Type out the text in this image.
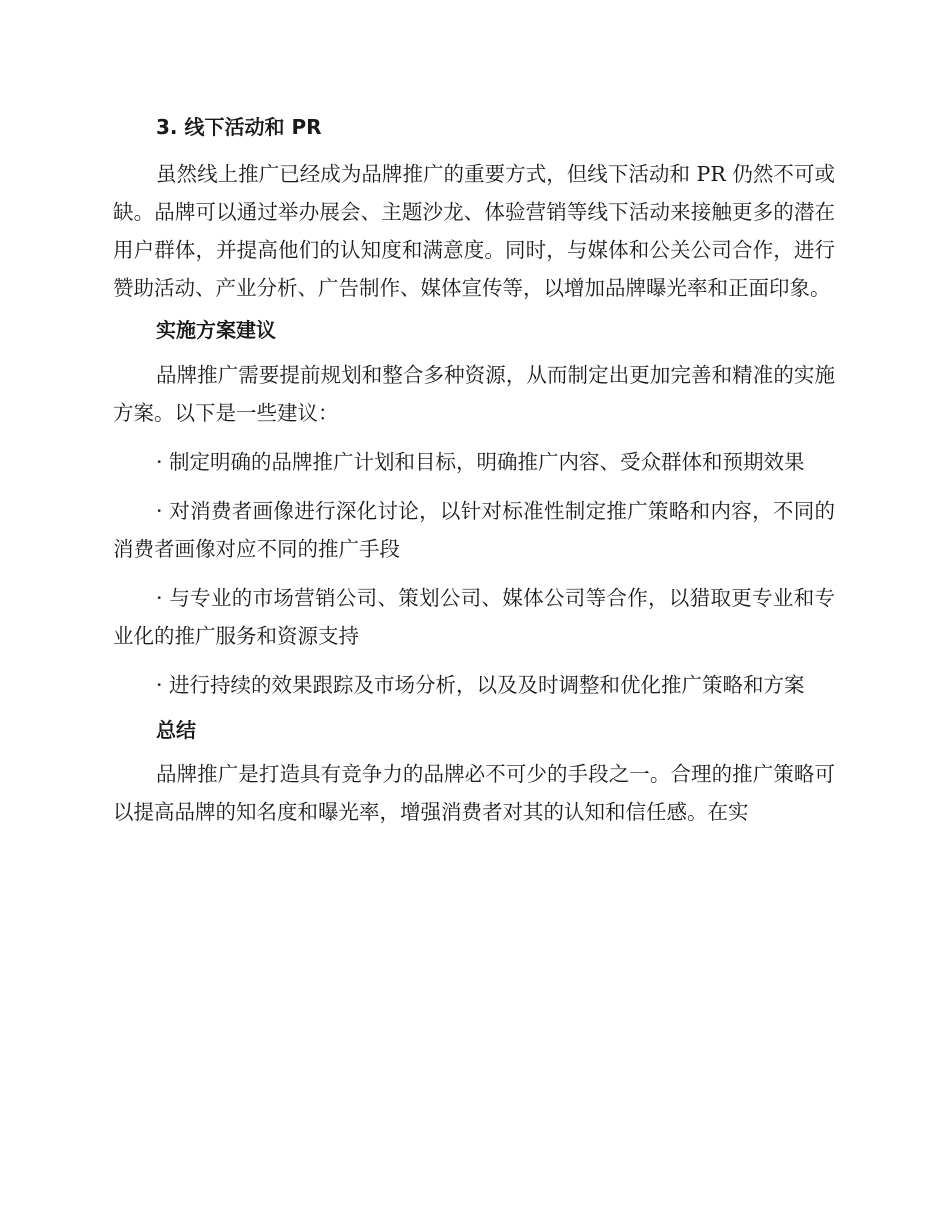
3. 线下活动和 PR

虽然线上推广已经成为品牌推广的重要方式，但线下活动和 PR 仍然不可或缺。品牌可以通过举办展会、主题沙龙、体验营销等线下活动来接触更多的潜在用户群体，并提高他们的认知度和满意度。同时，与媒体和公关公司合作，进行赞助活动、产业分析、广告制作、媒体宣传等，以增加品牌曝光率和正面印象。

实施方案建议

品牌推广需要提前规划和整合多种资源，从而制定出更加完善和精准的实施方案。以下是一些建议：

· 制定明确的品牌推广计划和目标，明确推广内容、受众群体和预期效果

· 对消费者画像进行深化讨论，以针对标准性制定推广策略和内容，不同的消费者画像对应不同的推广手段

· 与专业的市场营销公司、策划公司、媒体公司等合作，以猎取更专业和专业化的推广服务和资源支持

· 进行持续的效果跟踪及市场分析，以及及时调整和优化推广策略和方案

总结

品牌推广是打造具有竞争力的品牌必不可少的手段之一。合理的推广策略可以提高品牌的知名度和曝光率，增强消费者对其的认知和信任感。在实
